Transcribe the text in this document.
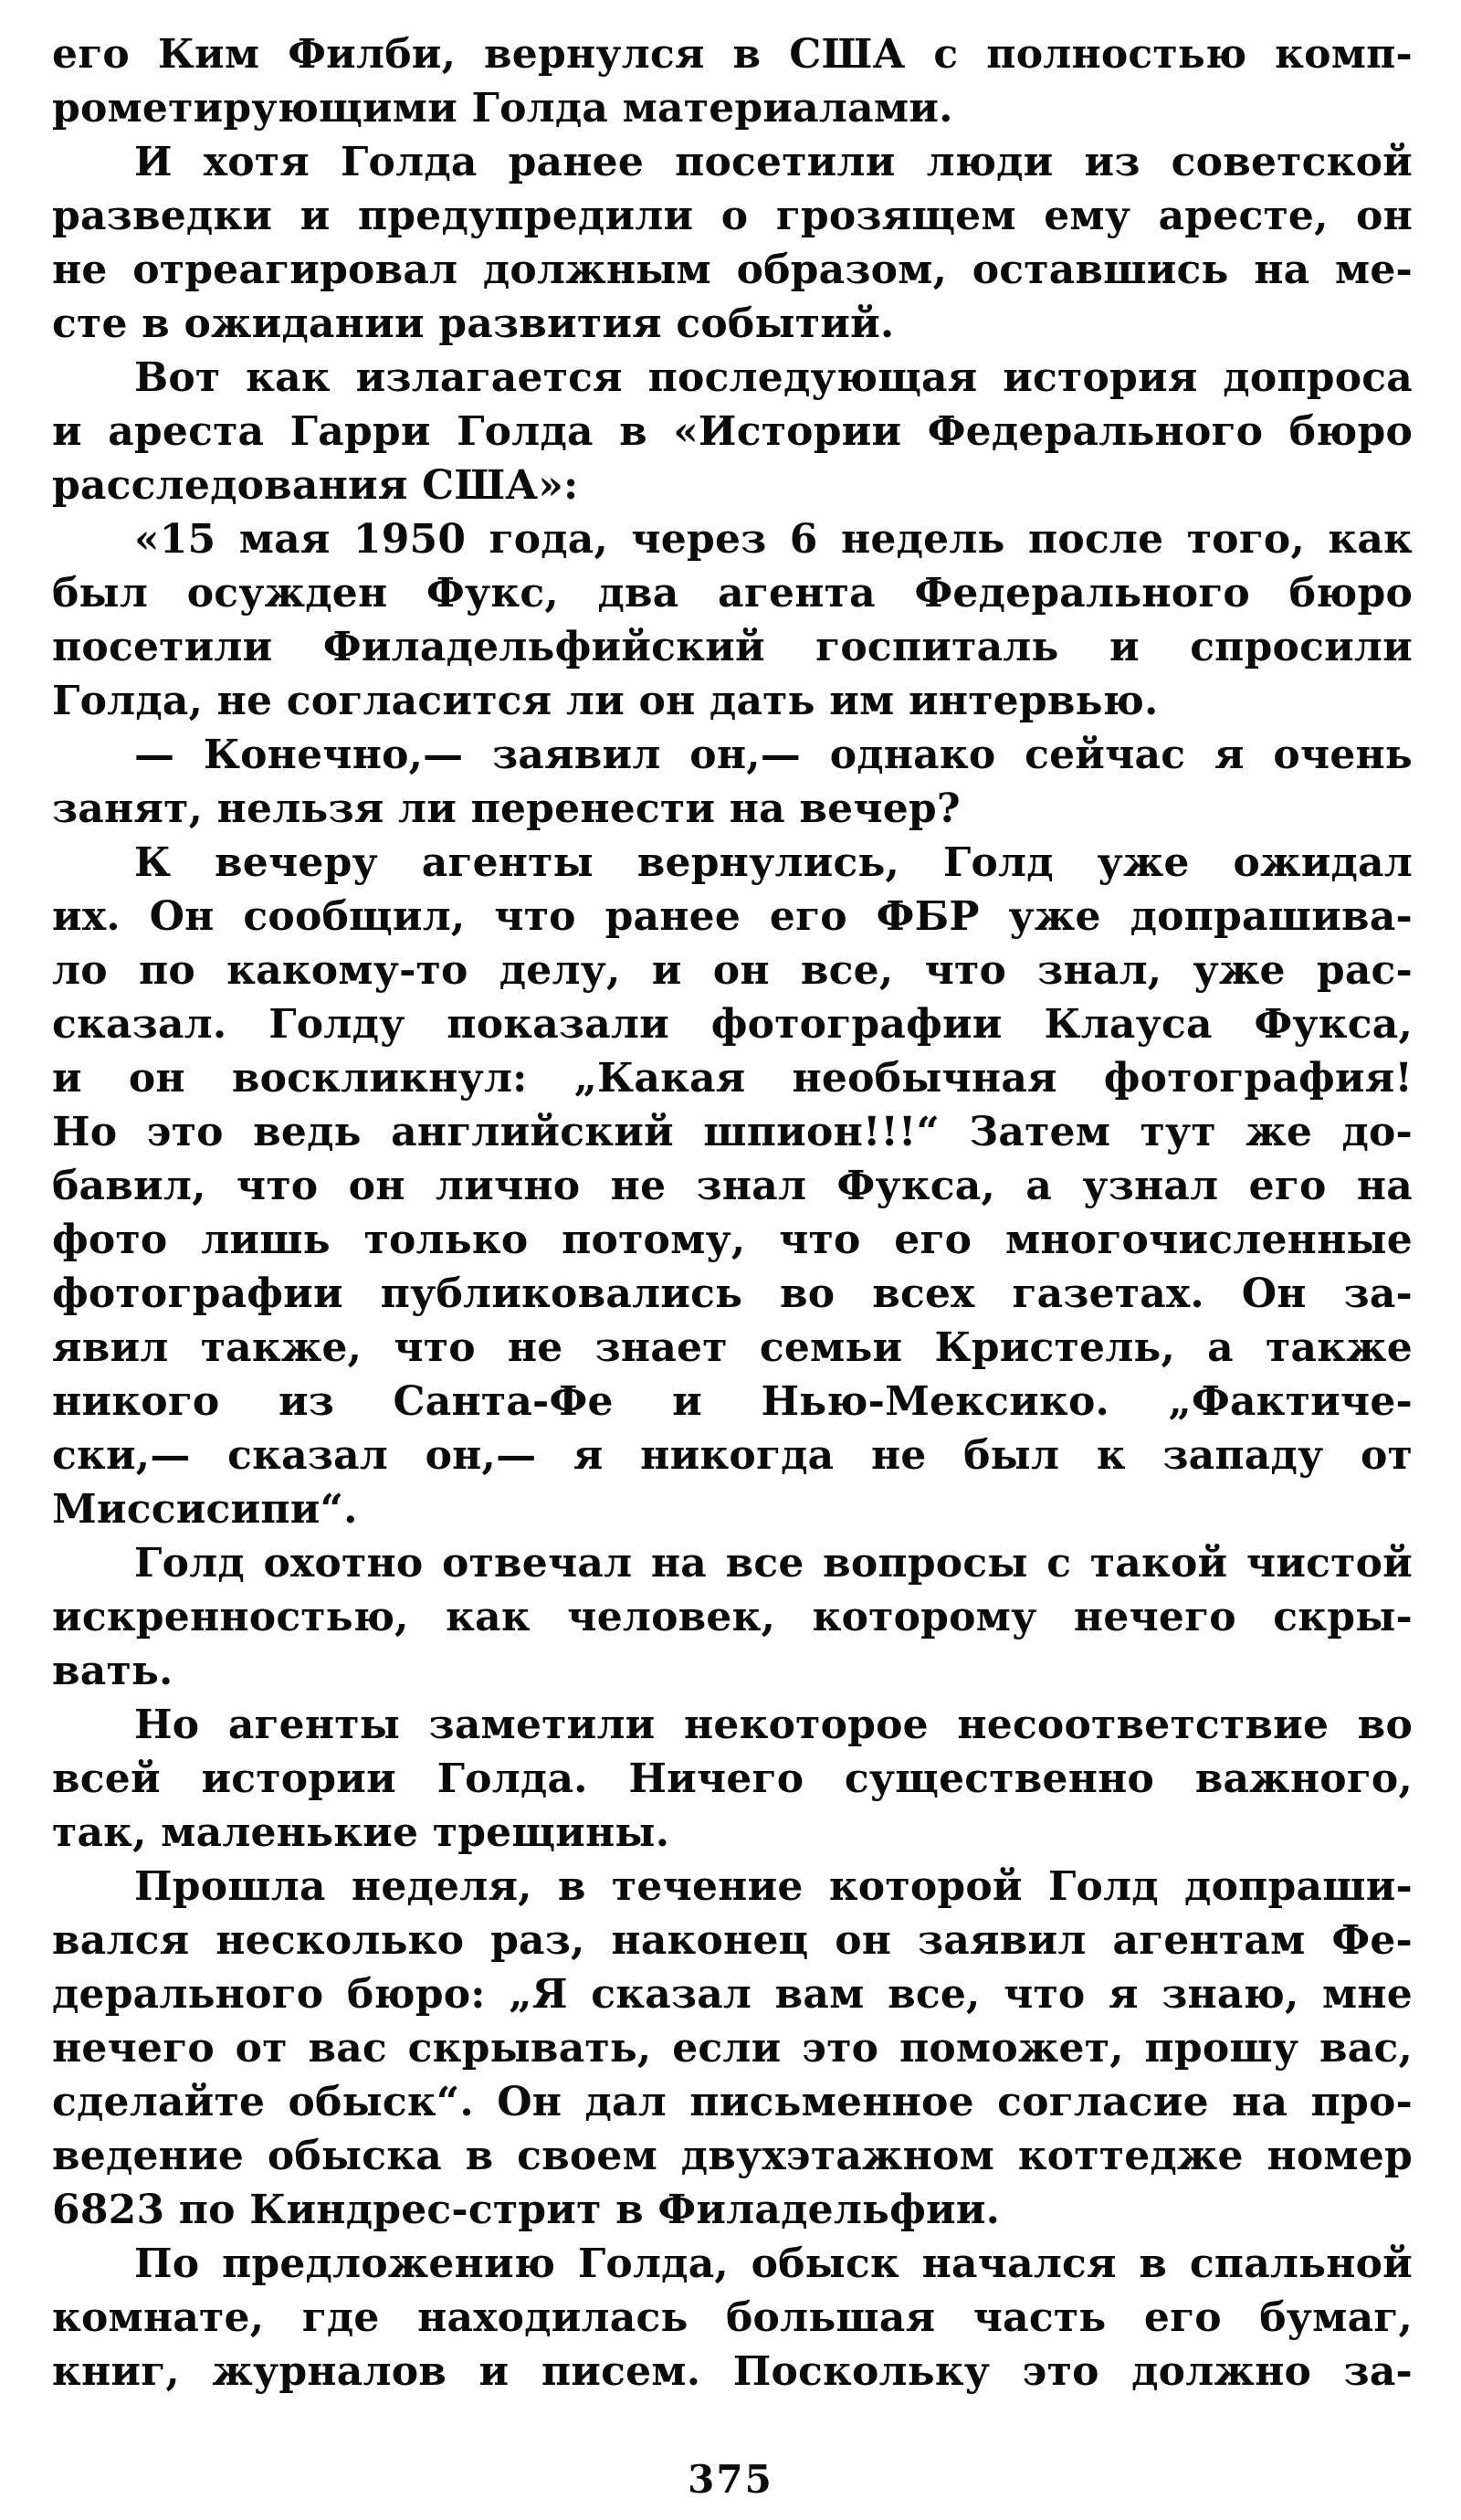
его Ким Филби, вернулся в США с полностью комп-
рометирующими Голда материалами.
И хотя Голда ранее посетили люди из советской
разведки и предупредили о грозящем ему аресте, он
не отреагировал должным образом, оставшись на ме-
сте в ожидании развития событий.
Вот как излагается последующая история допроса
и ареста Гарри Голда в «Истории Федерального бюро
расследования США»:
«15 мая 1950 года, через 6 недель после того, как
был осужден Фукс, два агента Федерального бюро
посетили Филадельфийский госпиталь и спросили
Голда, не согласится ли он дать им интервью.
— Конечно,— заявил он,— однако сейчас я очень
занят, нельзя ли перенести на вечер?
К вечеру агенты вернулись, Голд уже ожидал
их. Он сообщил, что ранее его ФБР уже допрашива-
ло по какому-то делу, и он все, что знал, уже рас-
сказал. Голду показали фотографии Клауса Фукса,
и он воскликнул: „Какая необычная фотография!
Но это ведь английский шпион!!!“ Затем тут же до-
бавил, что он лично не знал Фукса, а узнал его на
фото лишь только потому, что его многочисленные
фотографии публиковались во всех газетах. Он за-
явил также, что не знает семьи Кристель, а также
никого из Санта-Фе и Нью-Мексико. „Фактиче-
ски,— сказал он,— я никогда не был к западу от
Миссисипи“.
Голд охотно отвечал на все вопросы с такой чистой
искренностью, как человек, которому нечего скры-
вать.
Но агенты заметили некоторое несоответствие во
всей истории Голда. Ничего существенно важного,
так, маленькие трещины.
Прошла неделя, в течение которой Голд допраши-
вался несколько раз, наконец он заявил агентам Фе-
дерального бюро: „Я сказал вам все, что я знаю, мне
нечего от вас скрывать, если это поможет, прошу вас,
сделайте обыск“. Он дал письменное согласие на про-
ведение обыска в своем двухэтажном коттедже номер
6823 по Киндрес-стрит в Филадельфии.
По предложению Голда, обыск начался в спальной
комнате, где находилась большая часть его бумаг,
книг, журналов и писем. Поскольку это должно за-
375
